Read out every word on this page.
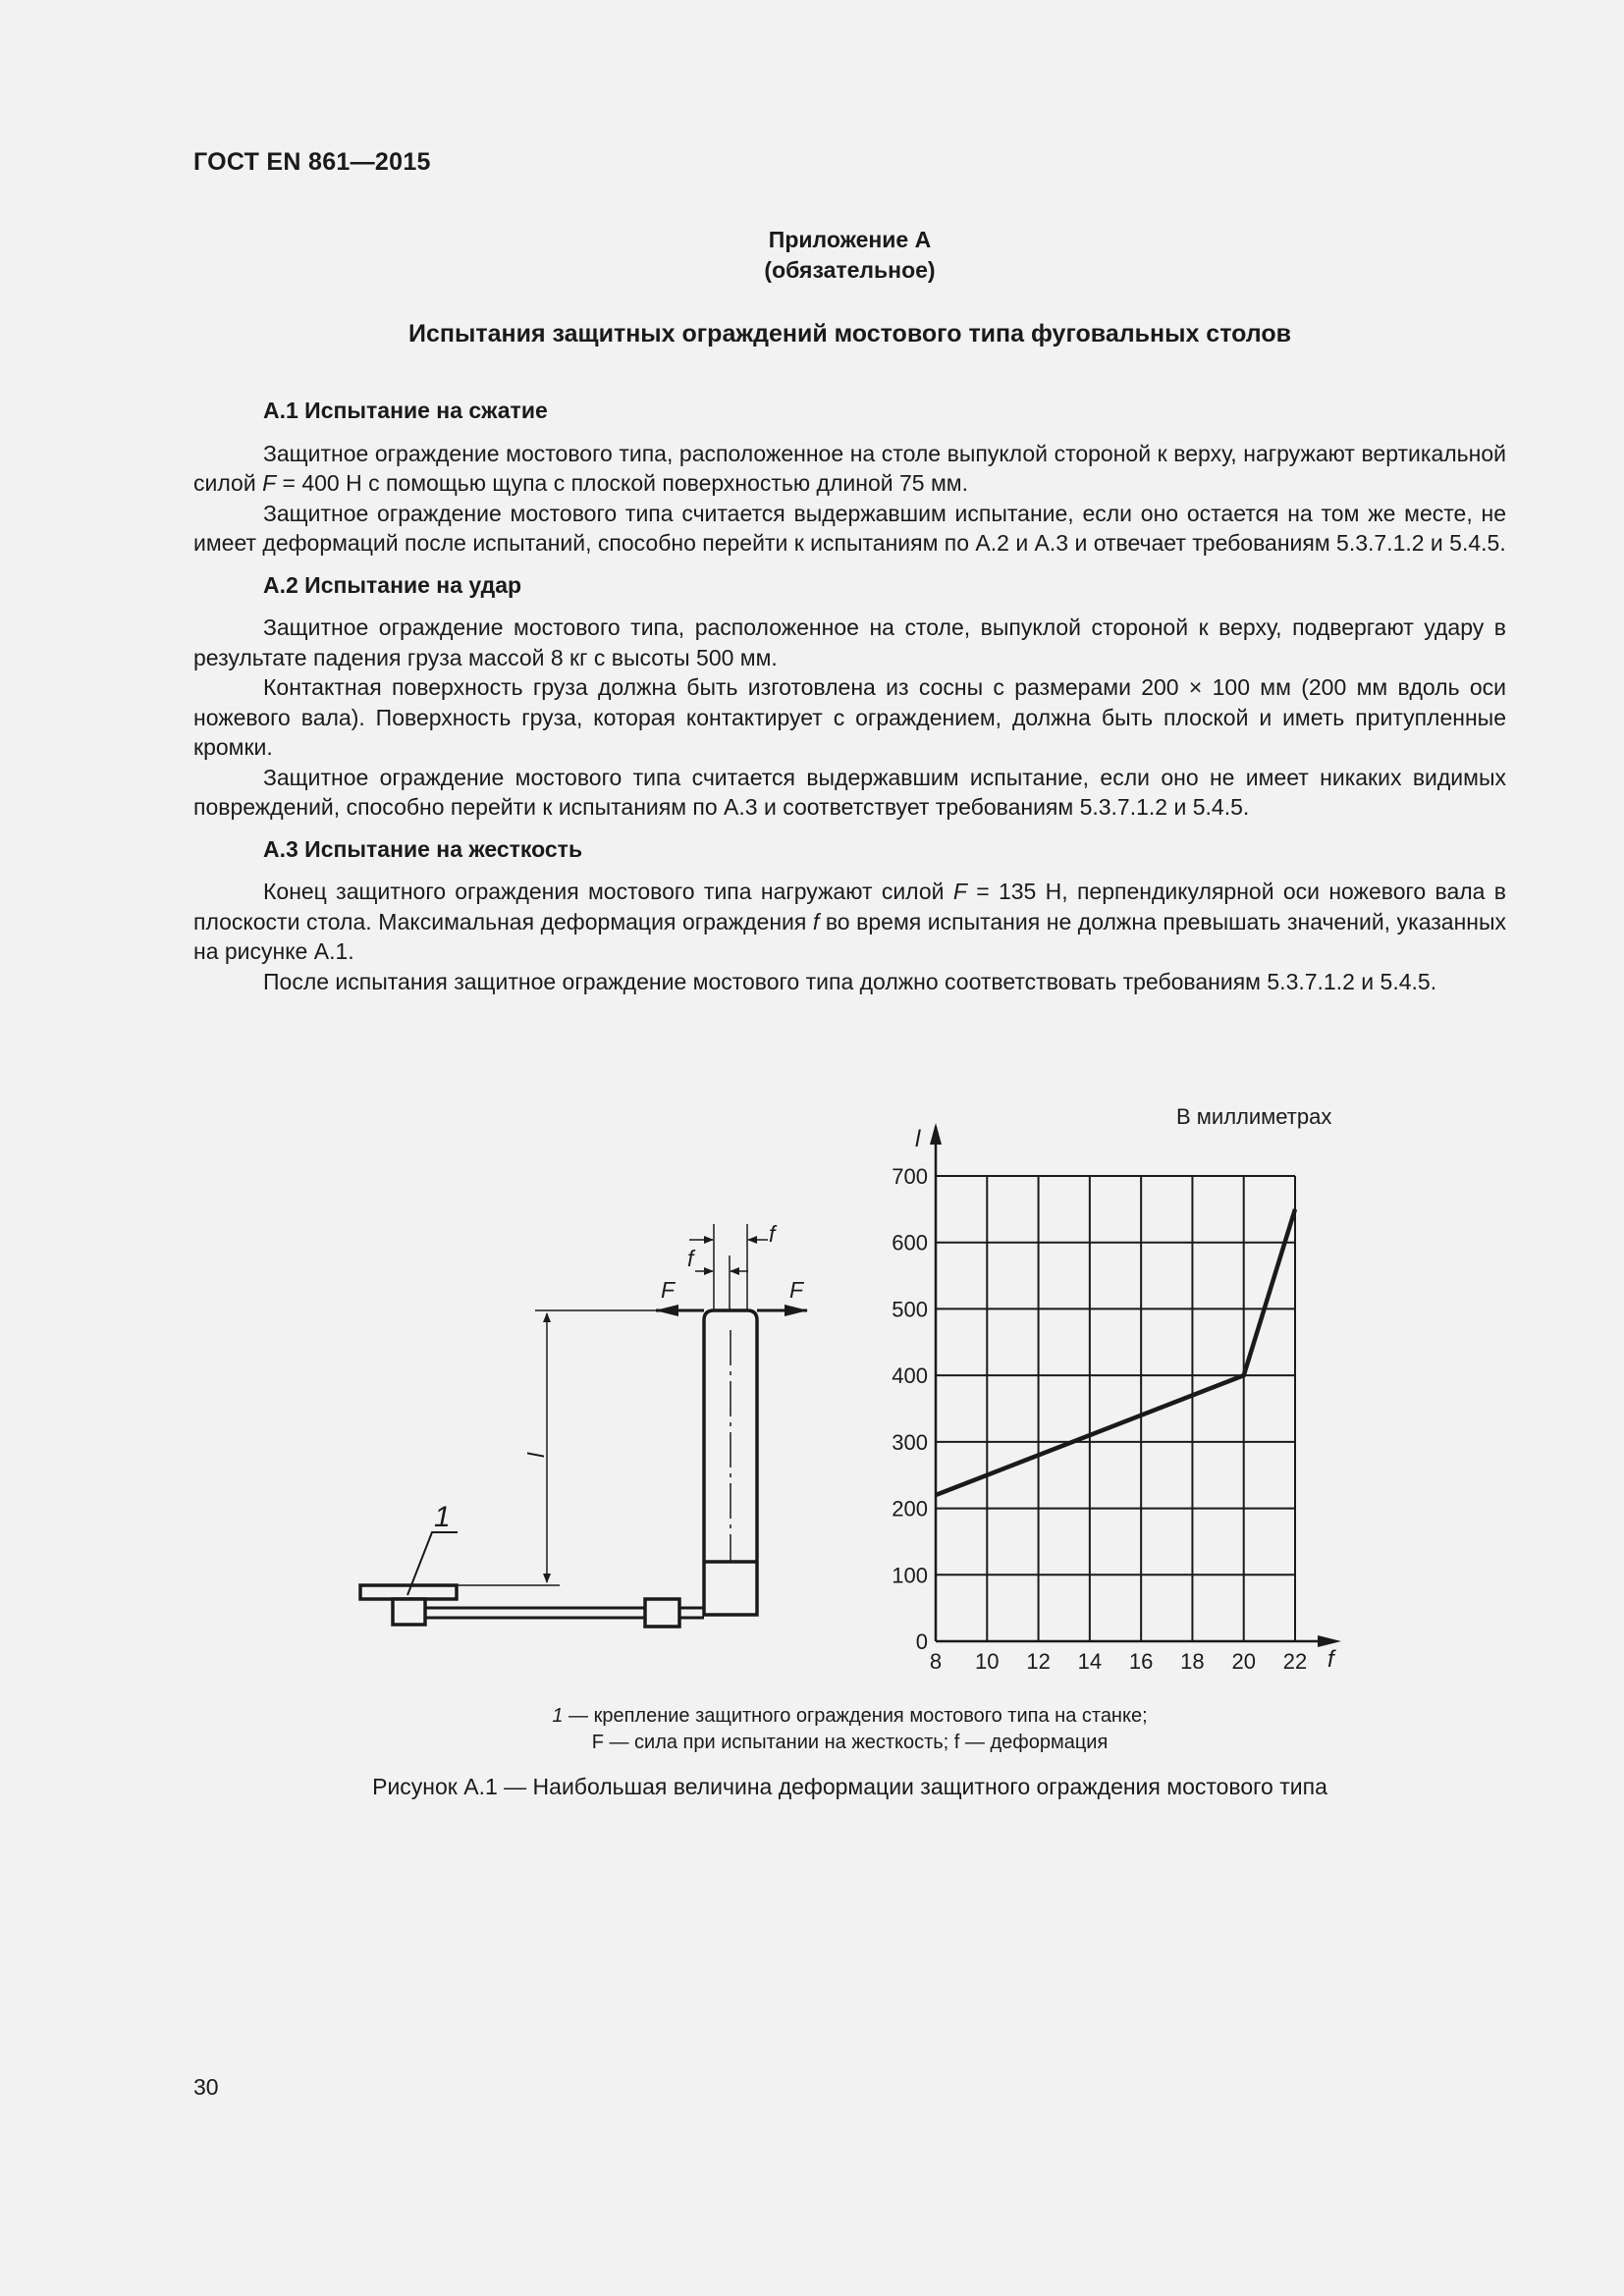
ГОСТ EN 861—2015
Приложение А
(обязательное)
Испытания защитных ограждений мостового типа фуговальных столов
А.1 Испытание на сжатие

Защитное ограждение мостового типа, расположенное на столе выпуклой стороной к верху, нагружают вертикальной силой F = 400 Н с помощью щупа с плоской поверхностью длиной 75 мм.

Защитное ограждение мостового типа считается выдержавшим испытание, если оно остается на том же месте, не имеет деформаций после испытаний, способно перейти к испытаниям по А.2 и А.3 и отвечает требованиям 5.3.7.1.2 и 5.4.5.

А.2 Испытание на удар

Защитное ограждение мостового типа, расположенное на столе, выпуклой стороной к верху, подвергают удару в результате падения груза массой 8 кг с высоты 500 мм.

Контактная поверхность груза должна быть изготовлена из сосны с размерами 200 × 100 мм (200 мм вдоль оси ножевого вала). Поверхность груза, которая контактирует с ограждением, должна быть плоской и иметь притупленные кромки.

Защитное ограждение мостового типа считается выдержавшим испытание, если оно не имеет никаких видимых повреждений, способно перейти к испытаниям по А.3 и соответствует требованиям 5.3.7.1.2 и 5.4.5.

А.3 Испытание на жесткость

Конец защитного ограждения мостового типа нагружают силой F = 135 Н, перпендикулярной оси ножевого вала в плоскости стола. Максимальная деформация ограждения f во время испытания не должна превышать значений, указанных на рисунке А.1.

После испытания защитное ограждение мостового типа должно соответствовать требованиям 5.3.7.1.2 и 5.4.5.

F	F
f
f
l
1
В миллиметрах
8 10 12 14 16 18 20 22
0
100
200
300
400
500
600
700
l
f
1 — крепление защитного ограждения мостового типа на станке;
F — сила при испытании на жесткость; f — деформация
Рисунок А.1 — Наибольшая величина деформации защитного ограждения мостового типа
30
